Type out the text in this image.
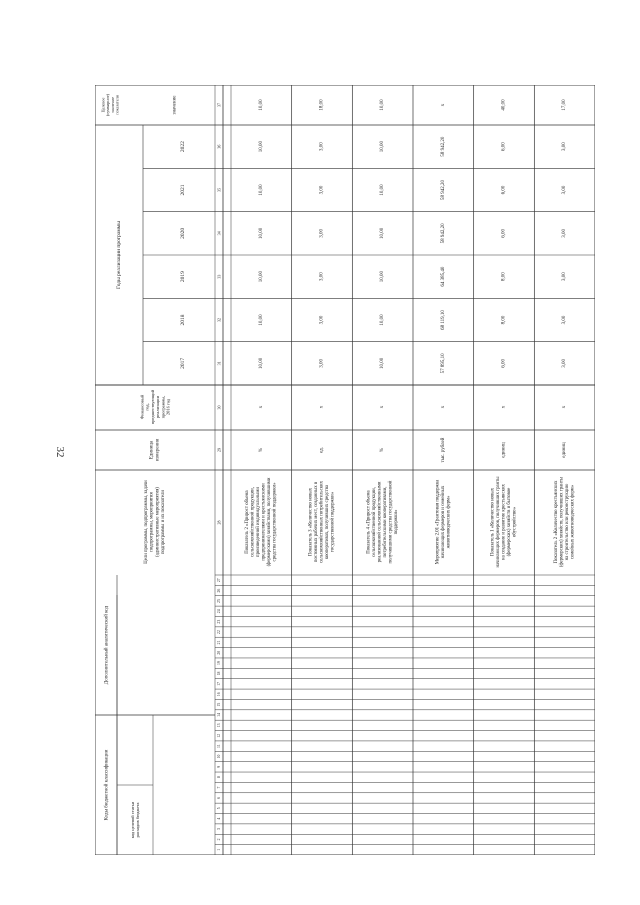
32
Коды бюджетной классификации
Дополнительный аналитический код
код целевой статьи расходов бюджета
Цели программы, подпрограммы, задачи подпрограммы, мероприятия (административные мероприятия) подпрограммы и их показатели
Единица измерения
Финансовый год, предшествующий реализации программы, 2016 год
Годы реализации программы
Целевое (суммарное) значение показателя	значение
2017
2018
2019
2020
2021
2022
1
2
3
4
5
6
7
8
9
10
11
12
13
14
15
16
17
18
19
20
21
22
23
24
25
26
27
28
29
30
31
32
33
34
35
36
37
Показатель 2 «Прирост объема сельскохозяйственной продукции, произведенной индивидуальными предпринимателями и крестьянскими (фермерскими) хозяйствами, получившими средства государственной поддержки»
%
x
10,00
10,00
10,00
10,00
10,00
10,00
10,00
Показатель 3 «Количество новых постоянных рабочих мест, созданных в сельскохозяйственных потребительских кооперативах, получивших средства государственной поддержки»
ед.
x
3,00
3,00
3,00
3,00
3,00
3,00
18,00
Показатель 4 «Прирост объема сельскохозяйственной продукции, реализованной сельскохозяйственными потребительскими кооперативами, получившими средства государственной поддержки»
%
x
10,00
10,00
10,00
10,00
10,00
10,00
10,00
Мероприятие 2.01 «Грантовая поддержка начинающих фермеров и семейных животноводческих ферм»
тыс. рублей
x
57 895,10
68 119,10
64 385,40
58 942,20
58 942,20
58 942,20
x
Показатель 1 «Количество новых начинающих фермеров, получивших гранты на создание и развитие крестьянских (фермерских) хозяйств и бытовое обустройство»
единиц
x
6,00
8,00
8,00
6,00
6,00
6,00
40,00
Показатель 2 «Количество крестьянских (фермерских) хозяйств, получивших гранты на строительство или реконструкцию семейных животноводческих ферм»
единиц
x
3,00
3,00
3,00
3,00
3,00
3,00
17,00
